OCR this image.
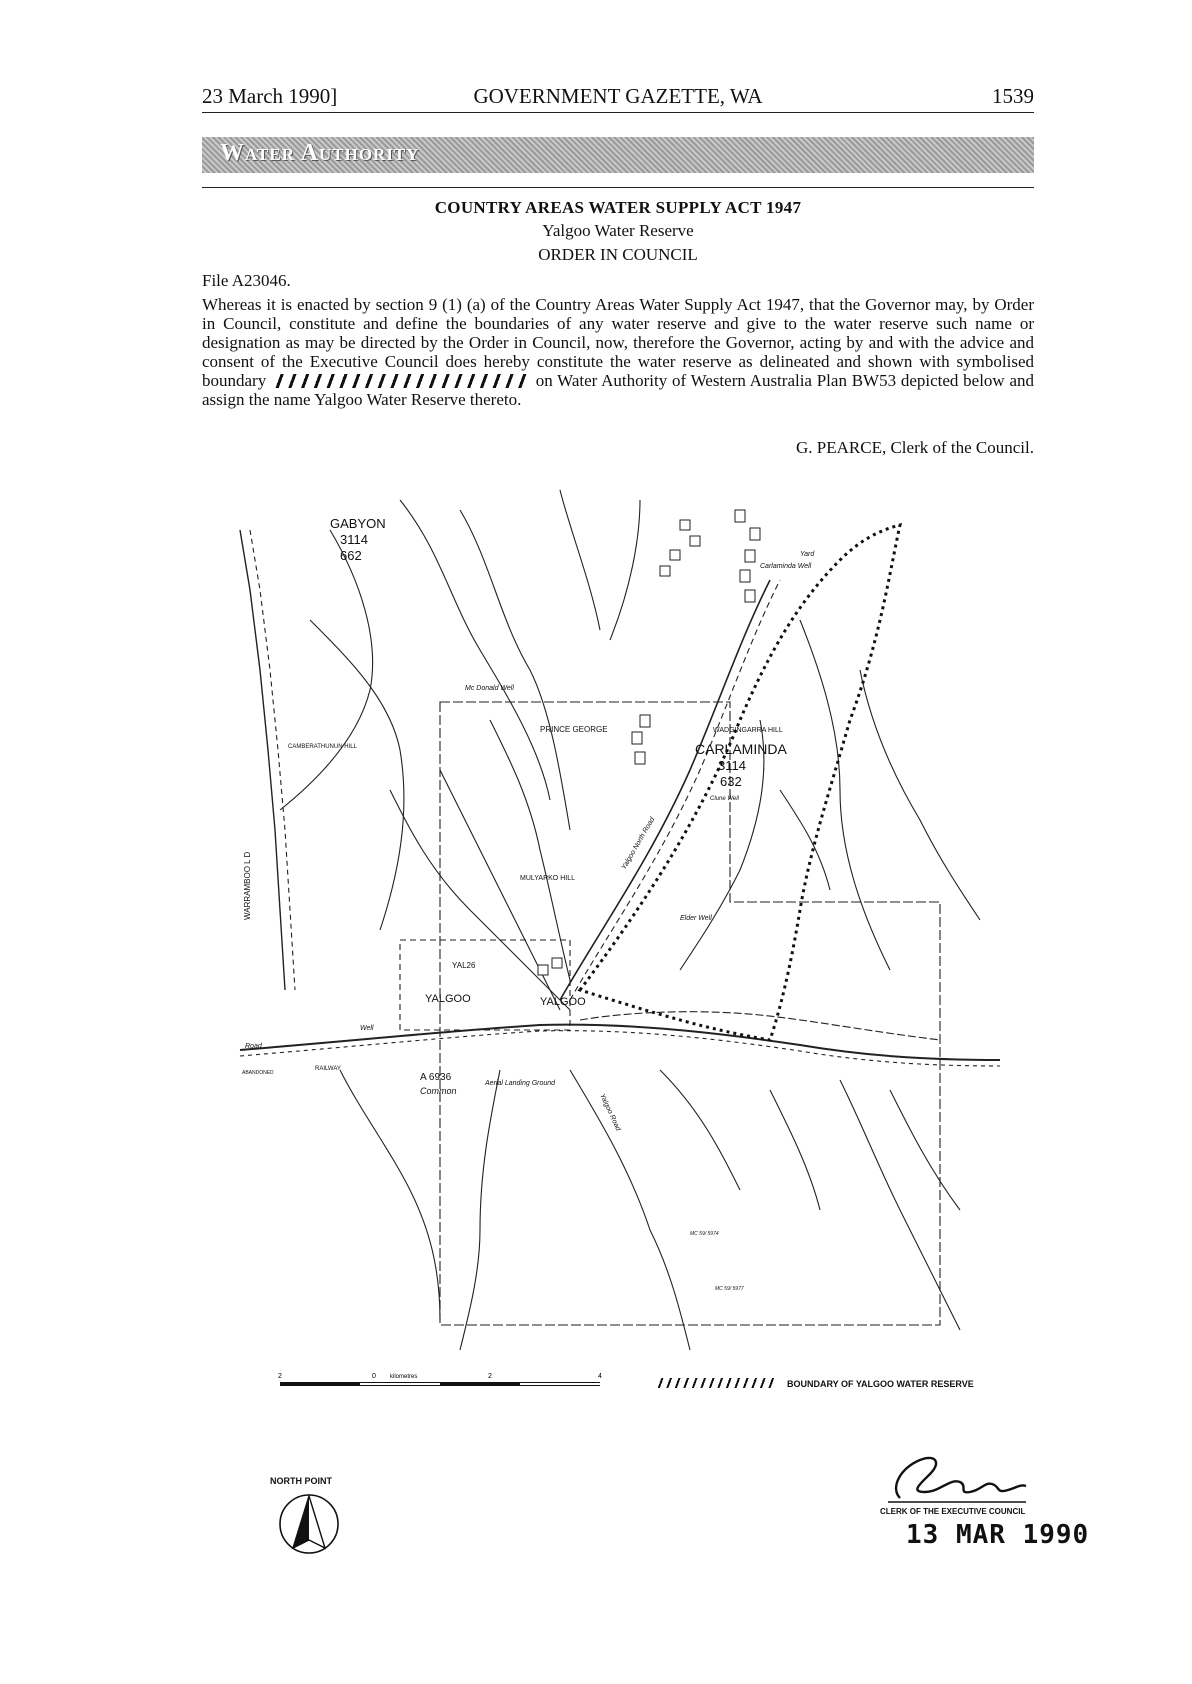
23 March 1990]	GOVERNMENT GAZETTE, WA	1539
Water Authority
COUNTRY AREAS WATER SUPPLY ACT 1947
Yalgoo Water Reserve
ORDER IN COUNCIL
File A23046.
Whereas it is enacted by section 9 (1) (a) of the Country Areas Water Supply Act 1947, that the Governor may, by Order in Council, constitute and define the boundaries of any water reserve and give to the water reserve such name or designation as may be directed by the Order in Council, now, therefore the Governor, acting by and with the advice and consent of the Executive Council does hereby constitute the water reserve as delineated and shown with symbolised boundary	on Water Authority of Western Australia Plan BW53 depicted below and assign the name Yalgoo Water Reserve thereto.
G. PEARCE, Clerk of the Council.
GABYON
3114
662
CARLAMINDA
3114
632
PRINCE GEORGE
Mc Donald Well
CAMBERATHUNUN HILL
WADGINGARRA HILL
MULYARKO HILL
YALGOO	YALGOO
YAL26
Elder Well
Clune Well
Carlaminda Well
Yard
Well
Road
RAILWAY
ABANDONED
WARRAMBOO L D
A 6936
Common
Aerial Landing Ground
Yalgoo North Road
Yalgoo Road
MC 59/ 5974
MC 59/ 5977
2	0 kilometres	2	4
BOUNDARY OF YALGOO WATER RESERVE
NORTH POINT
CLERK OF THE EXECUTIVE COUNCIL
13 MAR 1990
